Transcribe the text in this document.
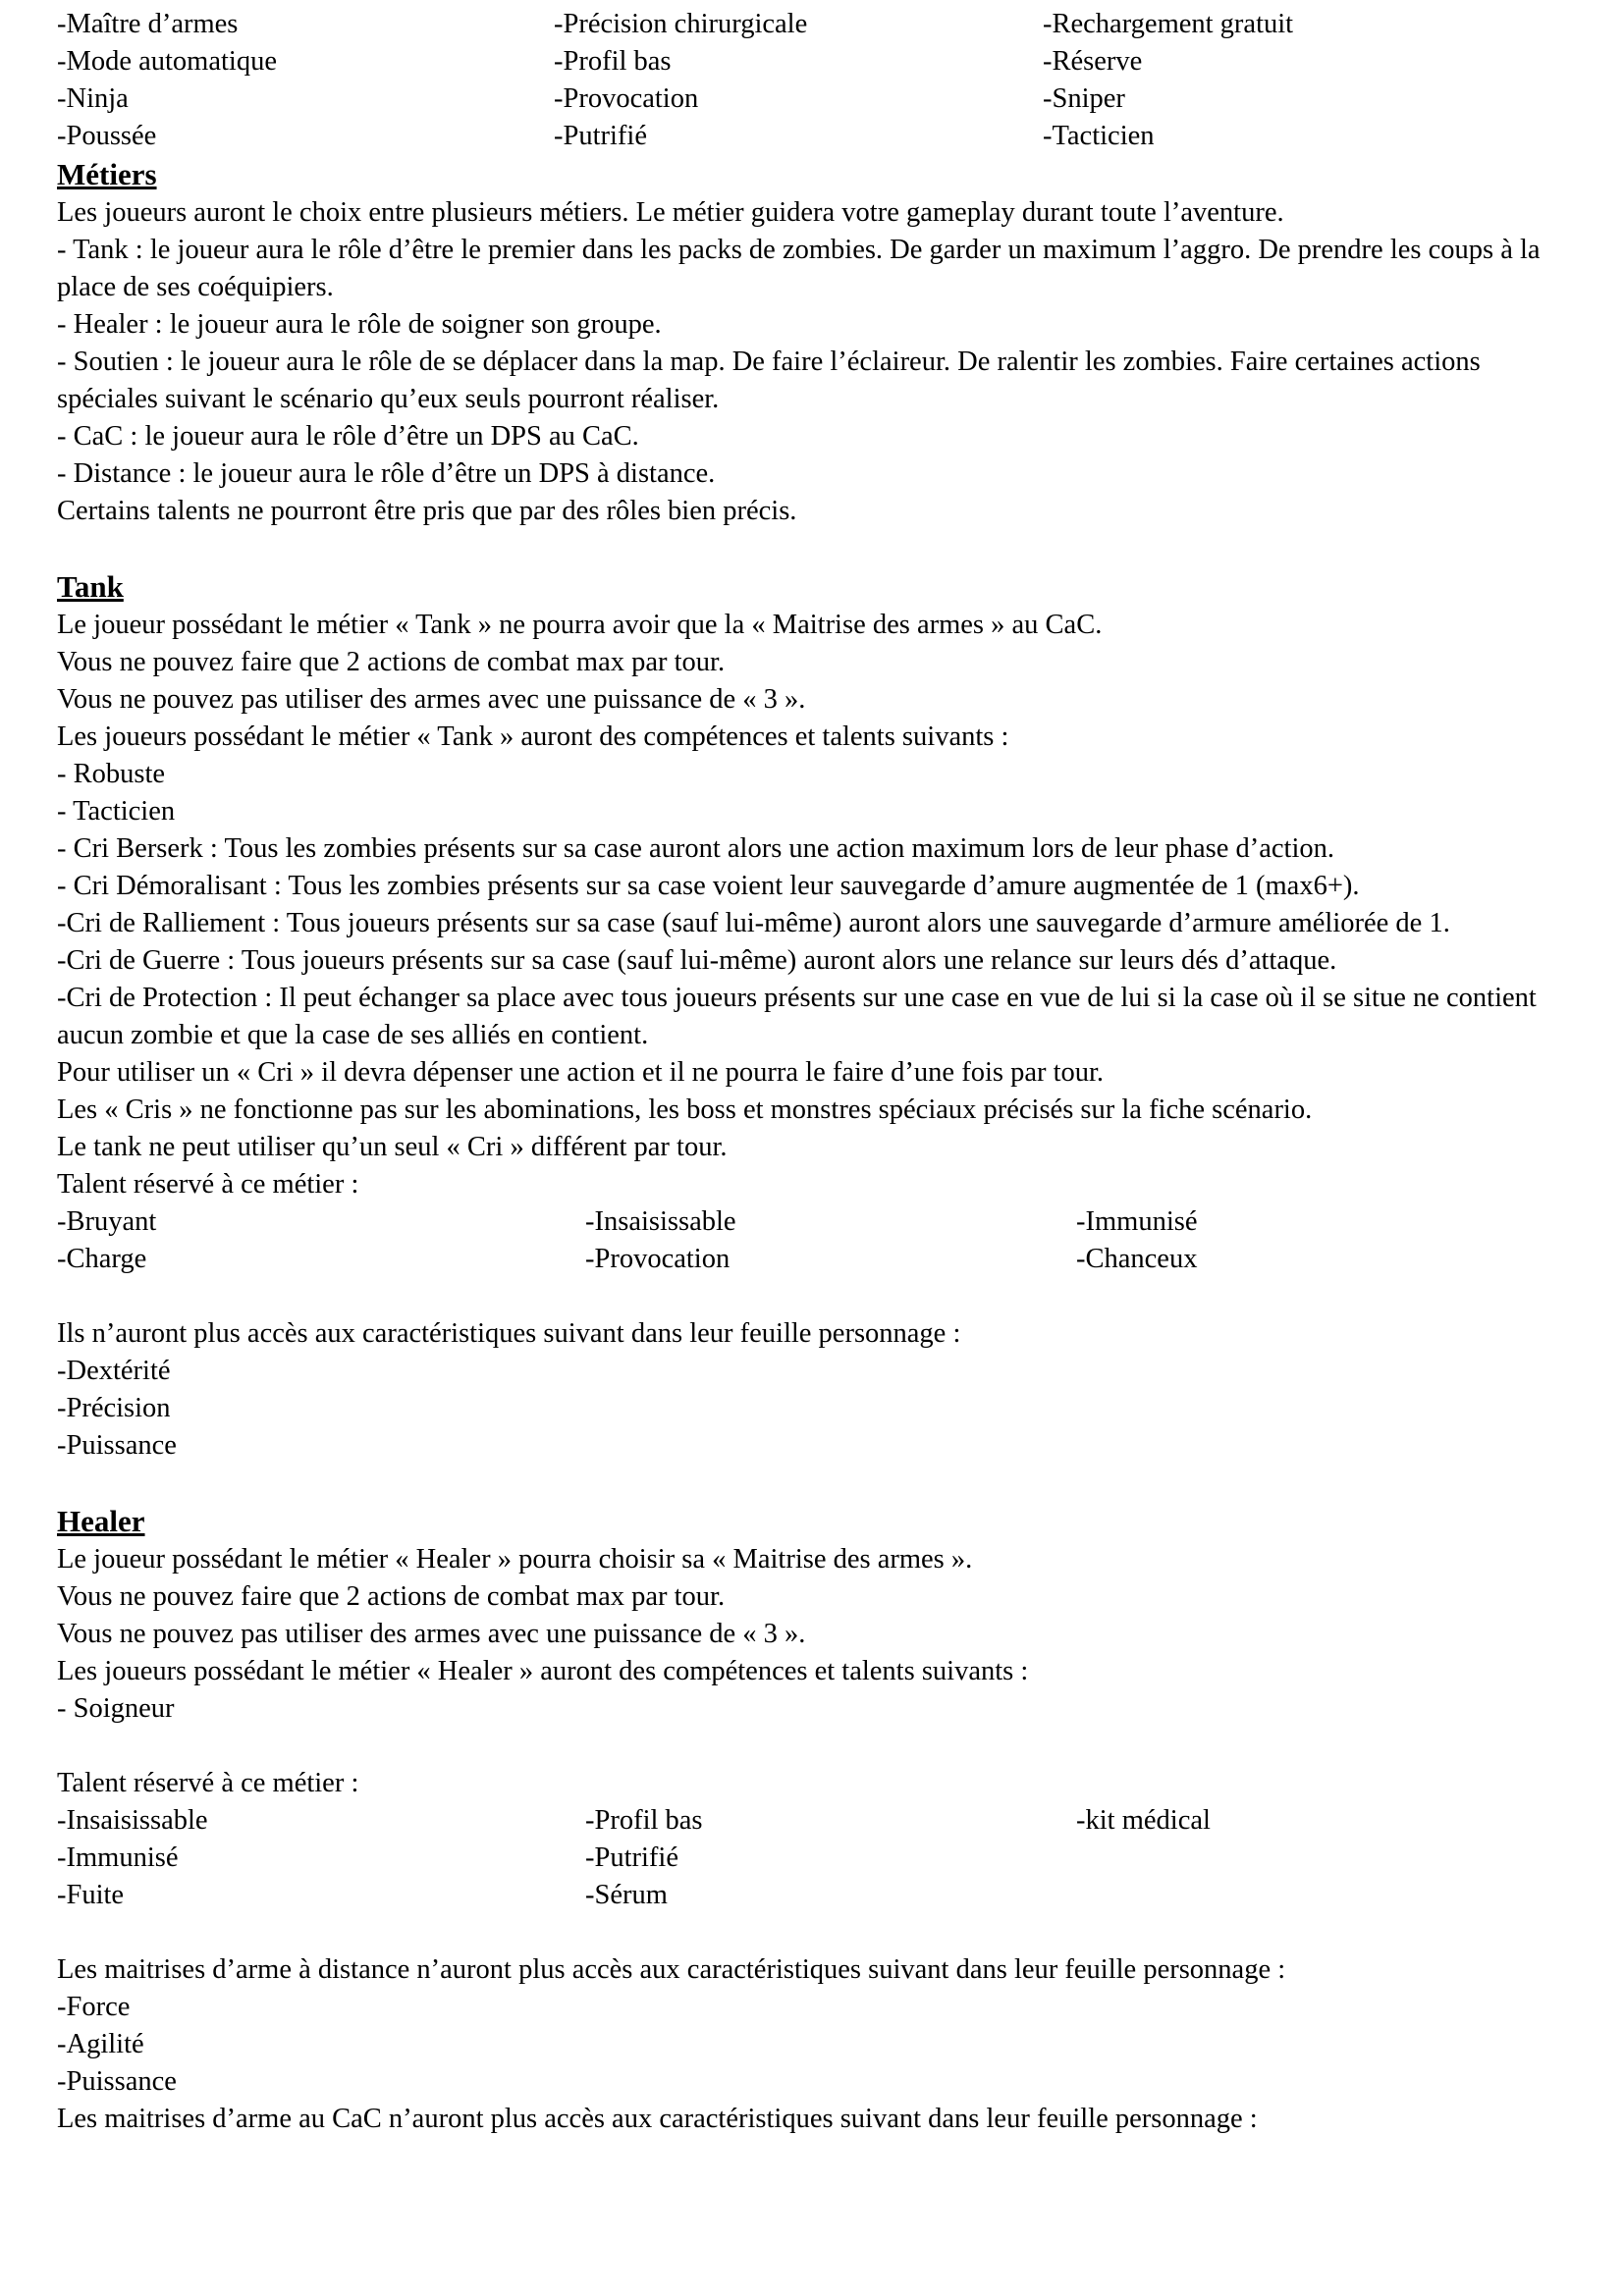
-Maître d’armes	-Précision chirurgicale	-Rechargement gratuit
-Mode automatique	-Profil bas	-Réserve
-Ninja	-Provocation	-Sniper
-Poussée	-Putrifié	-Tacticien
Métiers
Les joueurs auront le choix entre plusieurs métiers. Le métier guidera votre gameplay durant toute l’aventure.
- Tank : le joueur aura le rôle d’être le premier dans les packs de zombies. De garder un maximum l’aggro. De prendre les coups à la place de ses coéquipiers.
- Healer : le joueur aura le rôle de soigner son groupe.
- Soutien : le joueur aura le rôle de se déplacer dans la map. De faire l’éclaireur. De ralentir les zombies. Faire certaines actions spéciales suivant le scénario qu’eux seuls pourront réaliser.
- CaC : le joueur aura le rôle d’être un DPS au CaC.
- Distance : le joueur aura le rôle d’être un DPS à distance.
Certains talents ne pourront être pris que par des rôles bien précis.
Tank
Le joueur possédant le métier « Tank » ne pourra avoir que la « Maitrise des armes » au CaC.
Vous ne pouvez faire que 2 actions de combat max par tour.
Vous ne pouvez pas utiliser des armes avec une puissance de « 3 ».
Les joueurs possédant le métier « Tank » auront des compétences et talents suivants :
- Robuste
- Tacticien
- Cri Berserk : Tous les zombies présents sur sa case auront alors une action maximum lors de leur phase d’action.
- Cri Démoralisant : Tous les zombies présents sur sa case voient leur sauvegarde d’amure augmentée de 1 (max6+).
-Cri de Ralliement : Tous joueurs présents sur sa case (sauf lui-même) auront alors une sauvegarde d’armure améliorée de 1.
-Cri de Guerre : Tous joueurs présents sur sa case (sauf lui-même) auront alors une relance sur leurs dés d’attaque.
-Cri de Protection : Il peut échanger sa place avec tous joueurs présents sur une case en vue de lui si la case où il se situe ne contient aucun zombie et que la case de ses alliés en contient.
Pour utiliser un « Cri » il devra dépenser une action et il ne pourra le faire d’une fois par tour.
Les « Cris » ne fonctionne pas sur les abominations, les boss et monstres spéciaux précisés sur la fiche scénario.
Le tank ne peut utiliser qu’un seul « Cri » différent par tour.
Talent réservé à ce métier :
-Bruyant	-Insaisissable	-Immunisé
-Charge	-Provocation	-Chanceux
Ils n’auront plus accès aux caractéristiques suivant dans leur feuille personnage :
-Dextérité
-Précision
-Puissance
Healer
Le joueur possédant le métier « Healer » pourra choisir sa « Maitrise des armes ».
Vous ne pouvez faire que 2 actions de combat max par tour.
Vous ne pouvez pas utiliser des armes avec une puissance de « 3 ».
Les joueurs possédant le métier « Healer » auront des compétences et talents suivants :
- Soigneur
Talent réservé à ce métier :
-Insaisissable	-Profil bas	-kit médical
-Immunisé	-Putrifié
-Fuite	-Sérum
Les maitrises d’arme à distance n’auront plus accès aux caractéristiques suivant dans leur feuille personnage :
-Force
-Agilité
-Puissance
Les maitrises d’arme au CaC n’auront plus accès aux caractéristiques suivant dans leur feuille personnage :
